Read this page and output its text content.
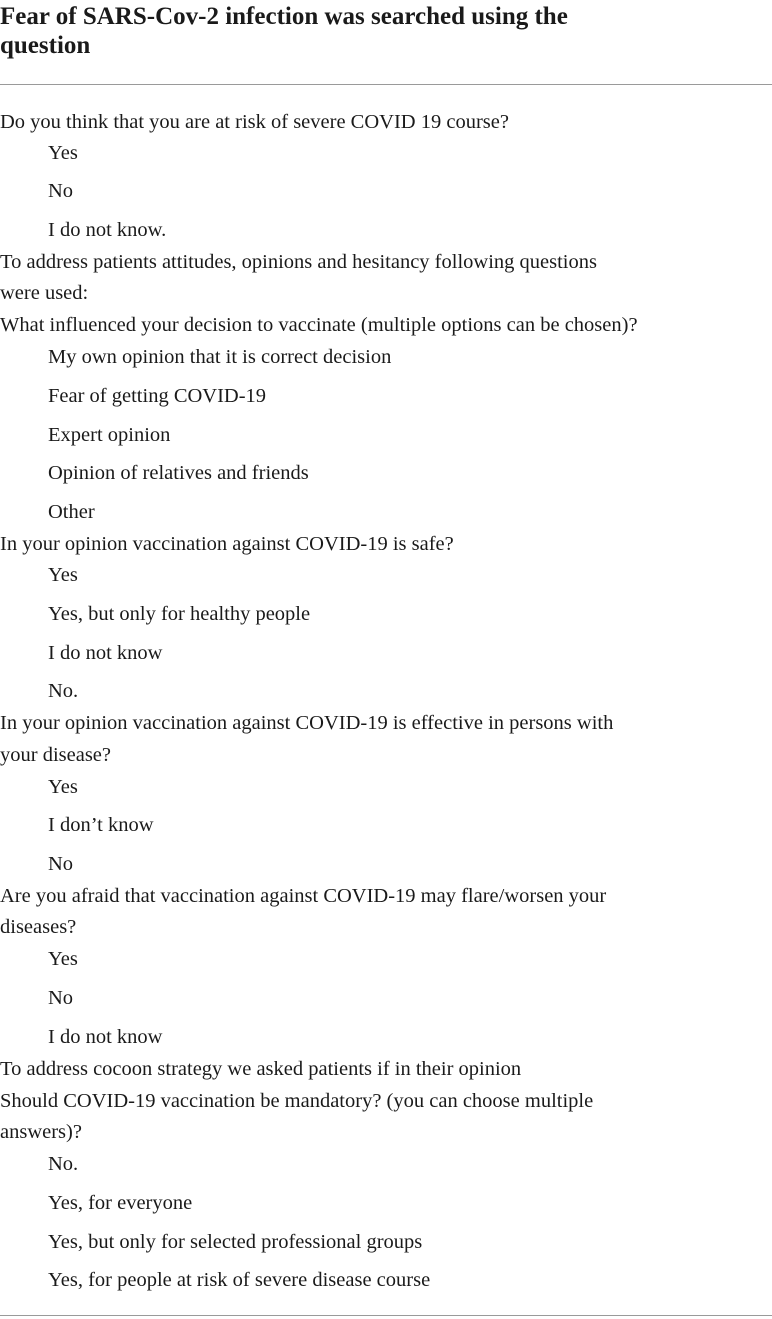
Fear of SARS-Cov-2 infection was searched using the
question
Do you think that you are at risk of severe COVID 19 course?
Yes
No
I do not know.
To address patients attitudes, opinions and hesitancy following questions
were used:
What influenced your decision to vaccinate (multiple options can be chosen)?
My own opinion that it is correct decision
Fear of getting COVID-19
Expert opinion
Opinion of relatives and friends
Other
In your opinion vaccination against COVID-19 is safe?
Yes
Yes, but only for healthy people
I do not know
No.
In your opinion vaccination against COVID-19 is effective in persons with
your disease?
Yes
I don’t know
No
Are you afraid that vaccination against COVID-19 may flare/worsen your
diseases?
Yes
No
I do not know
To address cocoon strategy we asked patients if in their opinion
Should COVID-19 vaccination be mandatory? (you can choose multiple
answers)?
No.
Yes, for everyone
Yes, but only for selected professional groups
Yes, for people at risk of severe disease course
